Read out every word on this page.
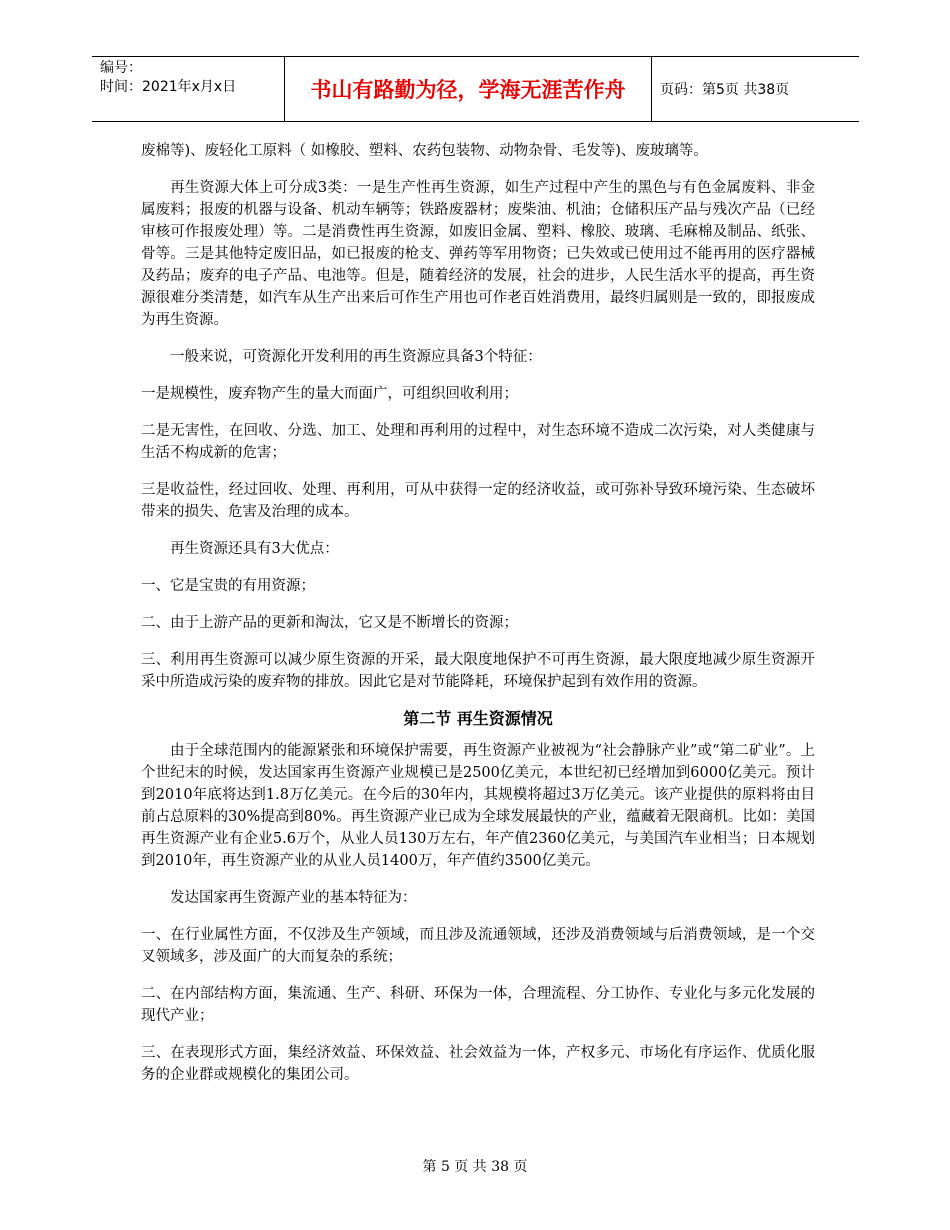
编号：
时间：2021年x月x日	书山有路勤为径，学海无涯苦作舟	页码：第5页 共38页

废棉等)、废轻化工原料（ 如橡胶、塑料、农药包装物、动物杂骨、毛发等)、废玻璃等。

再生资源大体上可分成3类：一是生产性再生资源，如生产过程中产生的黑色与有色金属废料、非金属废料；报废的机器与设备、机动车辆等；铁路废器材；废柴油、机油；仓储积压产品与残次产品（已经审核可作报废处理）等。二是消费性再生资源，如废旧金属、塑料、橡胶、玻璃、毛麻棉及制品、纸张、骨等。三是其他特定废旧品，如已报废的枪支、弹药等军用物资；已失效或已使用过不能再用的医疗器械及药品；废弃的电子产品、电池等。但是，随着经济的发展，社会的进步，人民生活水平的提高，再生资源很难分类清楚，如汽车从生产出来后可作生产用也可作老百姓消费用，最终归属则是一致的，即报废成为再生资源。

一般来说，可资源化开发利用的再生资源应具备3个特征：

一是规模性，废弃物产生的量大而面广，可组织回收利用；

二是无害性，在回收、分选、加工、处理和再利用的过程中，对生态环境不造成二次污染，对人类健康与生活不构成新的危害；

三是收益性，经过回收、处理、再利用，可从中获得一定的经济收益，或可弥补导致环境污染、生态破坏带来的损失、危害及治理的成本。

再生资源还具有3大优点：

一、它是宝贵的有用资源；

二、由于上游产品的更新和淘汰，它又是不断增长的资源；

三、利用再生资源可以减少原生资源的开采，最大限度地保护不可再生资源，最大限度地减少原生资源开采中所造成污染的废弃物的排放。因此它是对节能降耗，环境保护起到有效作用的资源。

第二节 再生资源情况

由于全球范围内的能源紧张和环境保护需要，再生资源产业被视为“社会静脉产业”或“第二矿业”。上个世纪末的时候，发达国家再生资源产业规模已是2500亿美元，本世纪初已经增加到6000亿美元。预计到2010年底将达到1.8万亿美元。在今后的30年内，其规模将超过3万亿美元。该产业提供的原料将由目前占总原料的30%提高到80%。再生资源产业已成为全球发展最快的产业，蕴藏着无限商机。比如：美国再生资源产业有企业5.6万个，从业人员130万左右，年产值2360亿美元，与美国汽车业相当；日本规划到2010年，再生资源产业的从业人员1400万，年产值约3500亿美元。

发达国家再生资源产业的基本特征为：

一、在行业属性方面，不仅涉及生产领域，而且涉及流通领域，还涉及消费领域与后消费领域，是一个交叉领域多，涉及面广的大而复杂的系统；

二、在内部结构方面，集流通、生产、科研、环保为一体，合理流程、分工协作、专业化与多元化发展的现代产业；

三、在表现形式方面，集经济效益、环保效益、社会效益为一体，产权多元、市场化有序运作、优质化服务的企业群或规模化的集团公司。

第 5 页 共 38 页
